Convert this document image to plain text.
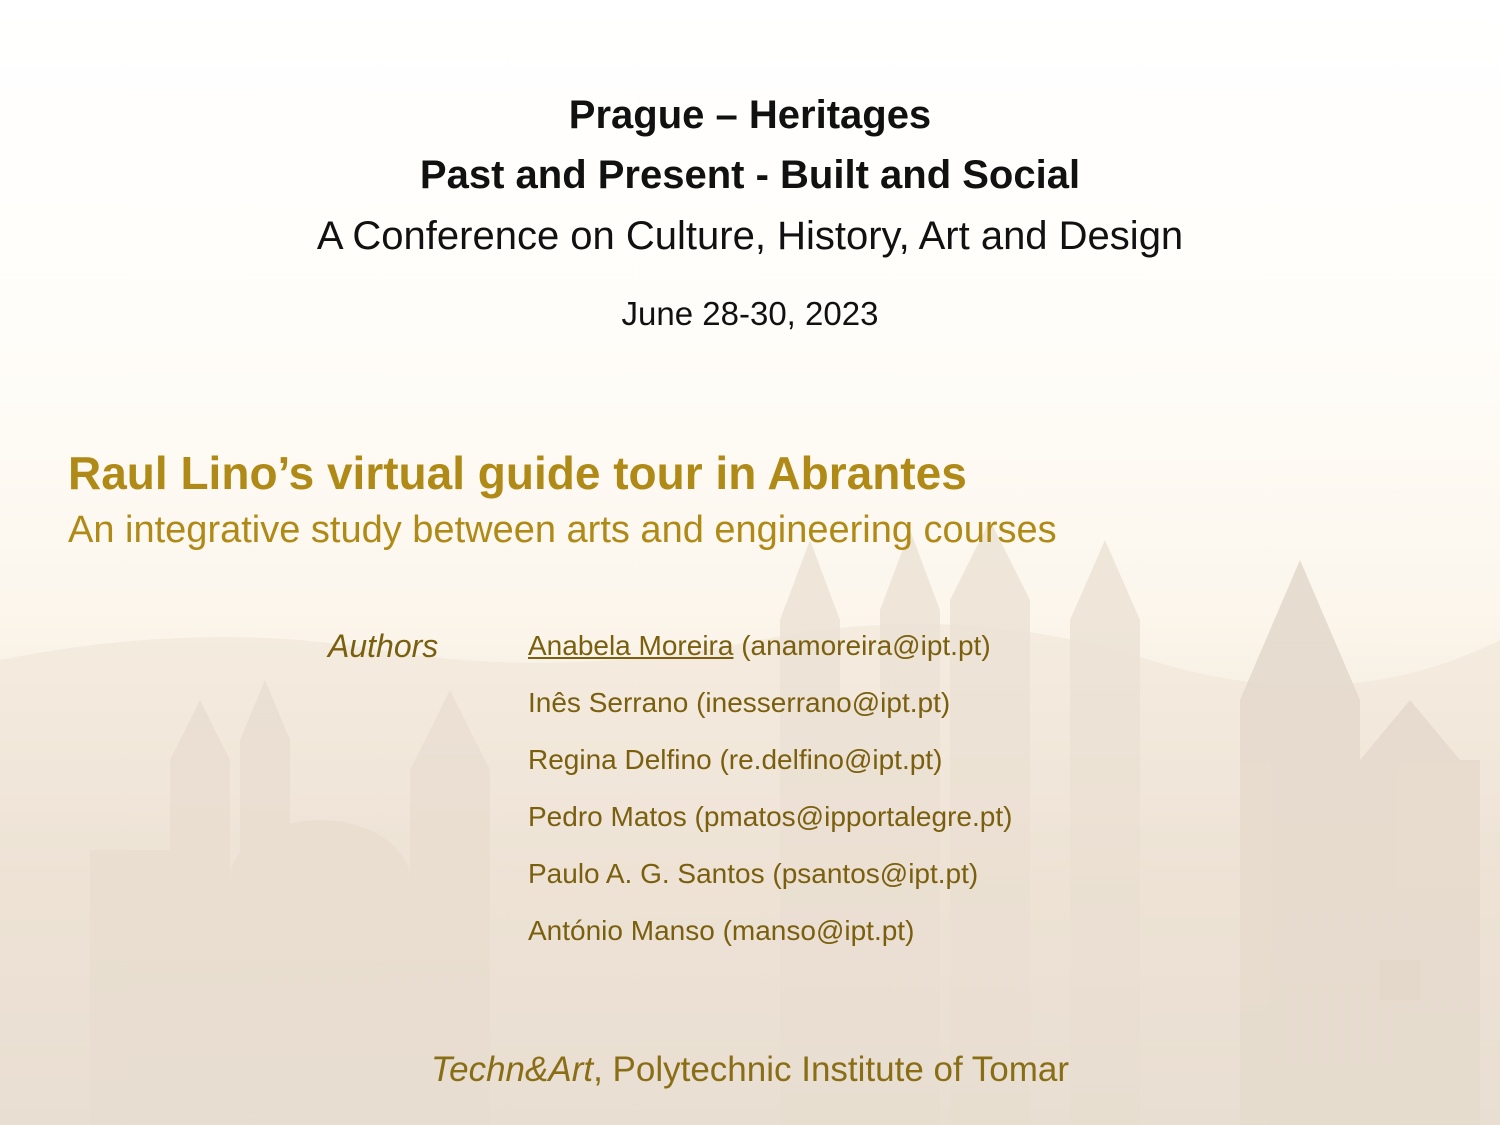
Prague – Heritages
Past and Present - Built and Social
A Conference on Culture, History, Art and Design
June 28-30, 2023
Raul Lino’s virtual guide tour in Abrantes
An integrative study between arts and engineering courses
Authors	Anabela Moreira (anamoreira@ipt.pt)
Inês Serrano (inesserrano@ipt.pt)
Regina Delfino (re.delfino@ipt.pt)
Pedro Matos (pmatos@ipportalegre.pt)
Paulo A. G. Santos (psantos@ipt.pt)
António Manso (manso@ipt.pt)
Techn&Art, Polytechnic Institute of Tomar
